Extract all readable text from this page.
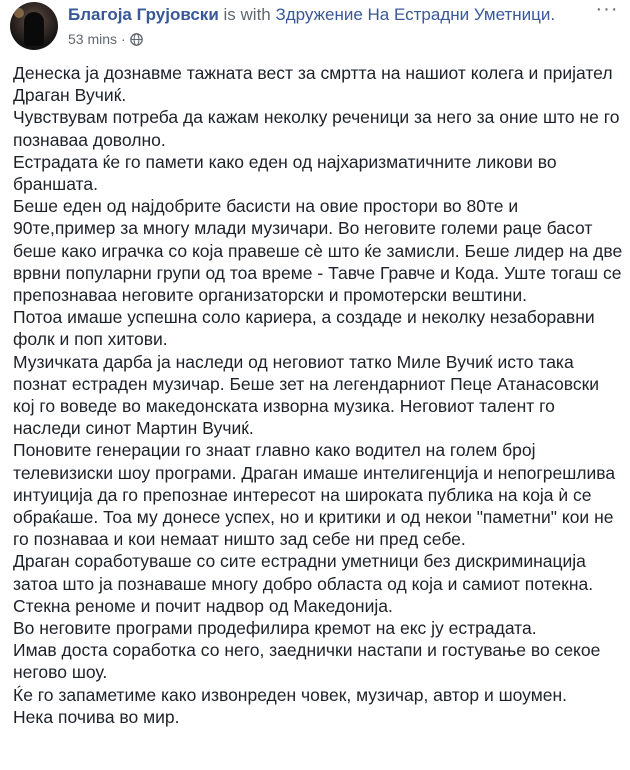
Благоја Грујовски is with Здружение На Естрадни Уметници.
53 mins ·
···

Денеска ја дознавме тажната вест за смртта на нашиот колега и пријател Драган Вучиќ.

Чувствувам потреба да кажам неколку реченици за него за оние што не го познаваа доволно.

Естрадата ќе го памети како еден од најхаризматичните ликови во браншата.

Беше еден од најдобрите басисти на овие простори во 80те и 90те,пример за многу млади музичари. Во неговите големи раце басот беше како играчка со која правеше сè што ќе замисли. Беше лидер на две врвни популарни групи од тоа време - Тавче Гравче и Кода. Уште тогаш се препознаваа неговите организаторски и промотерски вештини.

Потоа имаше успешна соло кариера, а создаде и неколку незаборавни фолк и поп хитови.

Музичката дарба ја наследи од неговиот татко Миле Вучиќ исто така познат естраден музичар. Беше зет на легендарниот Пеце Атанасовски кој го воведе во македонската изворна музика. Неговиот талент го наследи синот Мартин Вучиќ.

Поновите генерации го знаат главно како водител на голем број телевизиски шоу програми. Драган имаше интелигенција и непогрешлива интуиција да го препознае интересот на широката публика на која ѝ се обраќаше. Тоа му донесе успех, но и критики и од некои "паметни" кои не го познаваа и кои немаат ништо зад себе ни пред себе.

Драган соработуваше со сите естрадни уметници без дискриминација затоа што ја познаваше многу добро областа од која и самиот потекна.

Стекна реноме и почит надвор од Македонија.

Во неговите програми продефилира кремот на екс ју естрадата.

Имав доста соработка со него, заеднички настапи и гостување во секое негово шоу.

Ќе го запаметиме како извонреден човек, музичар, автор и шоумен.

Нека почива во мир.
